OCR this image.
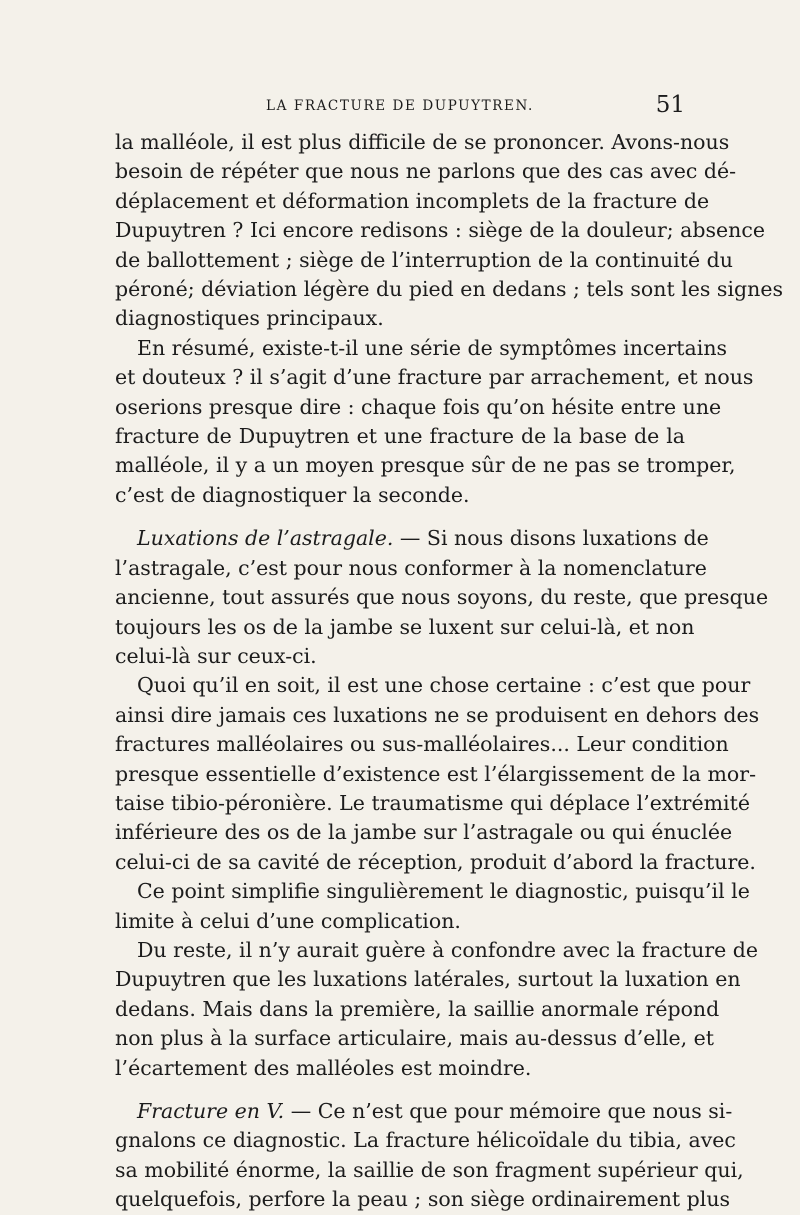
LA FRACTURE DE DUPUYTREN.	51
la malléole, il est plus difficile de se prononcer. Avons-nous
besoin de répéter que nous ne parlons que des cas avec dé-
déplacement et déformation incomplets de la fracture de
Dupuytren ? Ici encore redisons : siège de la douleur; absence
de ballottement ; siège de l’interruption de la continuité du
péroné; déviation légère du pied en dedans ; tels sont les signes
diagnostiques principaux.
En résumé, existe-t-il une série de symptômes incertains
et douteux ? il s’agit d’une fracture par arrachement, et nous
oserions presque dire : chaque fois qu’on hésite entre une
fracture de Dupuytren et une fracture de la base de la
malléole, il y a un moyen presque sûr de ne pas se tromper,
c’est de diagnostiquer la seconde.
Luxations de l’astragale. — Si nous disons luxations de
l’astragale, c’est pour nous conformer à la nomenclature
ancienne, tout assurés que nous soyons, du reste, que presque
toujours les os de la jambe se luxent sur celui-là, et non
celui-là sur ceux-ci.
Quoi qu’il en soit, il est une chose certaine : c’est que pour
ainsi dire jamais ces luxations ne se produisent en dehors des
fractures malléolaires ou sus-malléolaires... Leur condition
presque essentielle d’existence est l’élargissement de la mor-
taise tibio-péronière. Le traumatisme qui déplace l’extrémité
inférieure des os de la jambe sur l’astragale ou qui énuclée
celui-ci de sa cavité de réception, produit d’abord la fracture.
Ce point simplifie singulièrement le diagnostic, puisqu’il le
limite à celui d’une complication.
Du reste, il n’y aurait guère à confondre avec la fracture de
Dupuytren que les luxations latérales, surtout la luxation en
dedans. Mais dans la première, la saillie anormale répond
non plus à la surface articulaire, mais au-dessus d’elle, et
l’écartement des malléoles est moindre.
Fracture en V. — Ce n’est que pour mémoire que nous si-
gnalons ce diagnostic. La fracture hélicoïdale du tibia, avec
sa mobilité énorme, la saillie de son fragment supérieur qui,
quelquefois, perfore la peau ; son siège ordinairement plus
